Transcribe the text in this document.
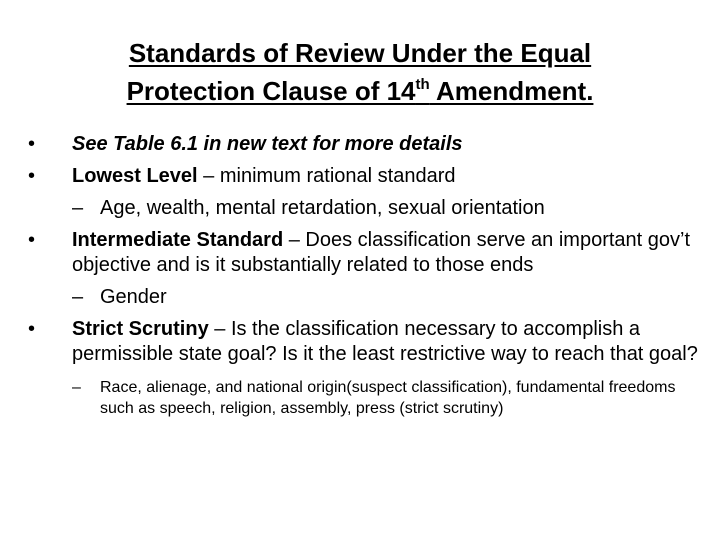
Standards of Review Under the Equal
Protection Clause of 14th Amendment.
•	See Table 6.1 in new text for more details
•	Lowest Level – minimum rational standard
– Age, wealth, mental retardation, sexual orientation
•	Intermediate Standard – Does classification serve an important gov’t objective and is it substantially related to those ends
– Gender
•	Strict Scrutiny – Is the classification necessary to accomplish a permissible state goal? Is it the least restrictive way to reach that goal?
– Race, alienage, and national origin(suspect classification), fundamental freedoms such as speech, religion, assembly, press (strict scrutiny)
